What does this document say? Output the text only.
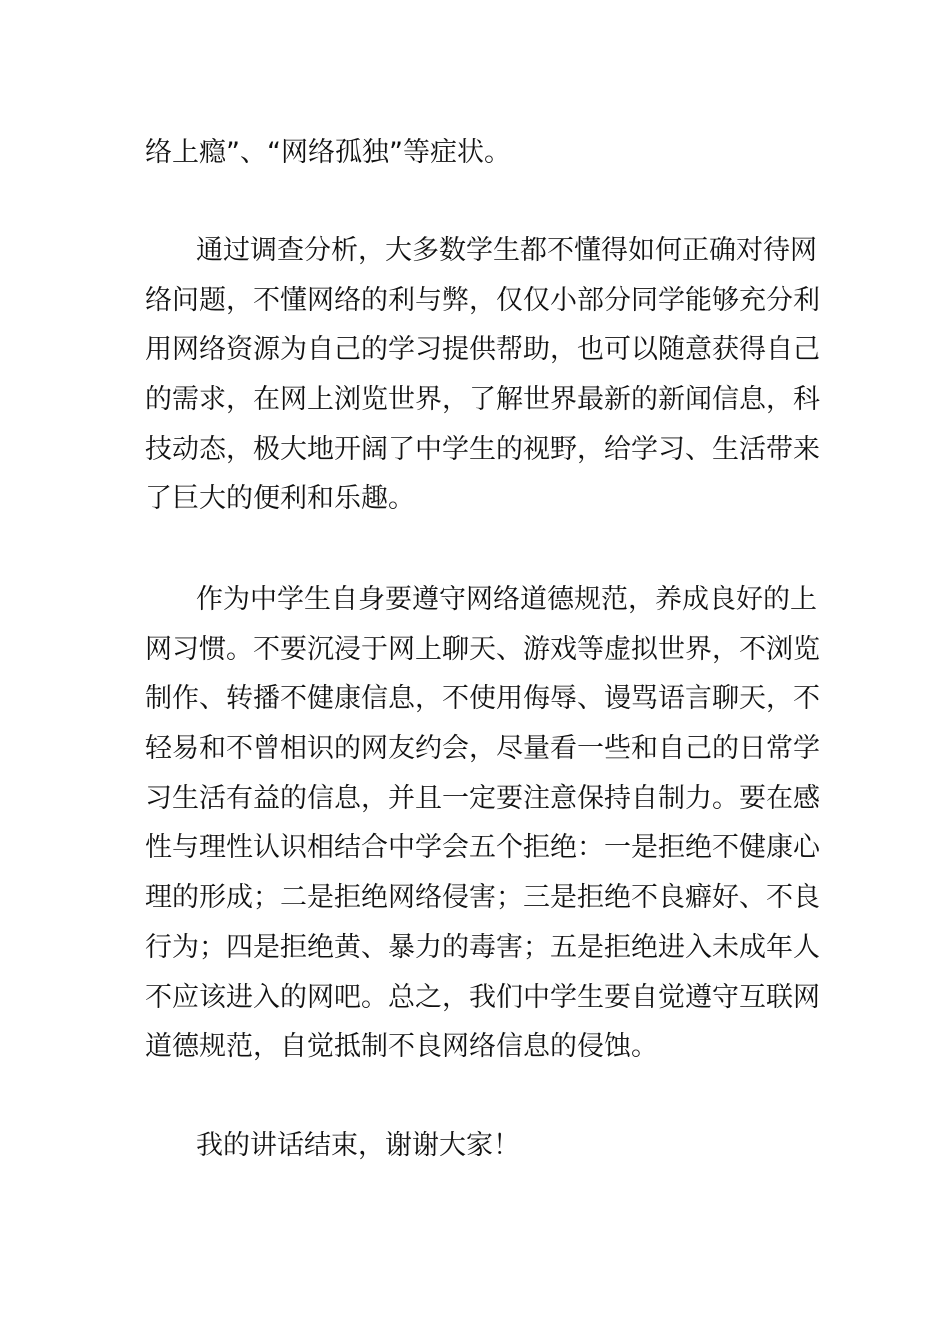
络上瘾”、“网络孤独”等症状。

通过调查分析，大多数学生都不懂得如何正确对待网
络问题，不懂网络的利与弊，仅仅小部分同学能够充分利
用网络资源为自己的学习提供帮助，也可以随意获得自己
的需求，在网上浏览世界，了解世界最新的新闻信息，科
技动态，极大地开阔了中学生的视野，给学习、生活带来
了巨大的便利和乐趣。

作为中学生自身要遵守网络道德规范，养成良好的上
网习惯。不要沉浸于网上聊天、游戏等虚拟世界，不浏览
制作、转播不健康信息，不使用侮辱、谩骂语言聊天，不
轻易和不曾相识的网友约会，尽量看一些和自己的日常学
习生活有益的信息，并且一定要注意保持自制力。要在感
性与理性认识相结合中学会五个拒绝：一是拒绝不健康心
理的形成；二是拒绝网络侵害；三是拒绝不良癖好、不良
行为；四是拒绝黄、暴力的毒害；五是拒绝进入未成年人
不应该进入的网吧。总之，我们中学生要自觉遵守互联网
道德规范，自觉抵制不良网络信息的侵蚀。

我的讲话结束，谢谢大家！
